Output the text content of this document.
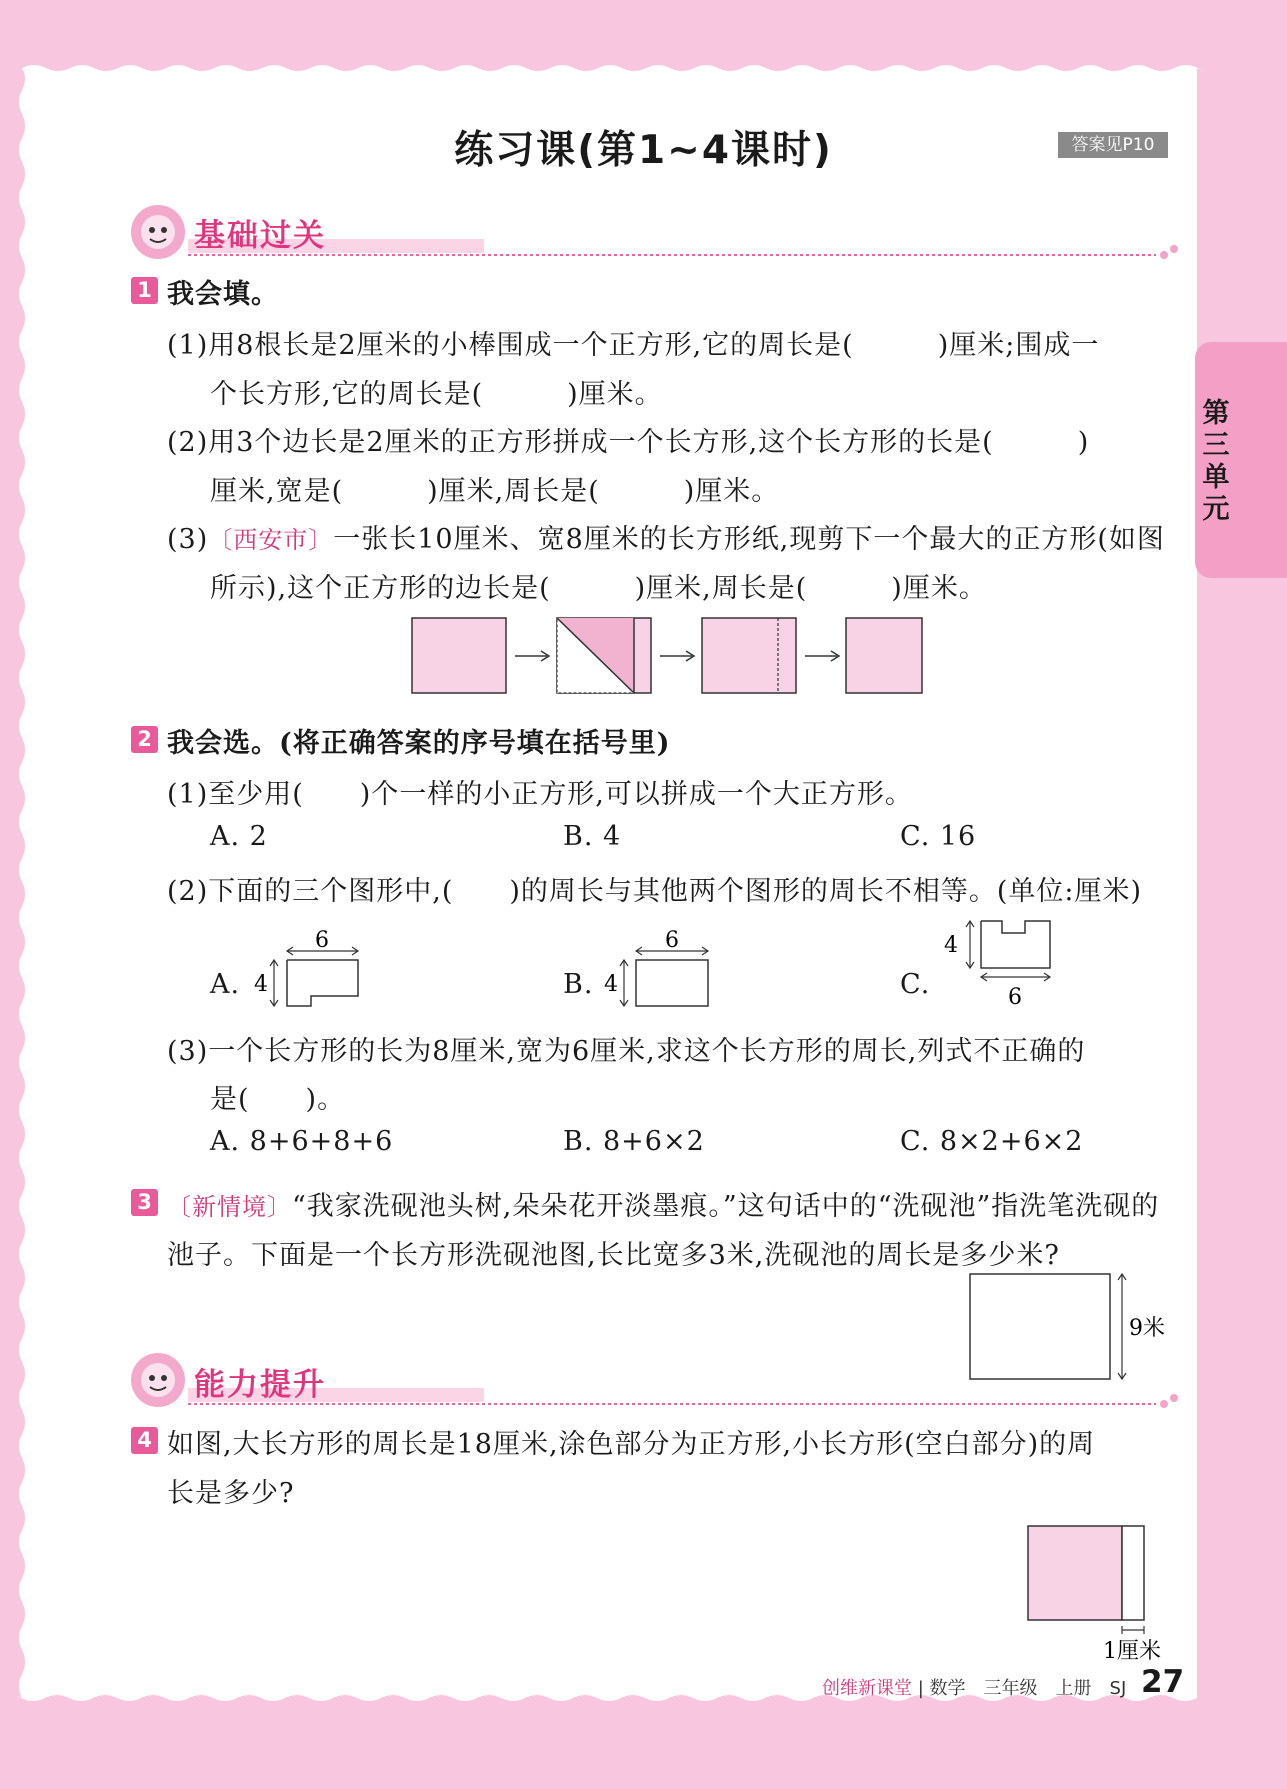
练习课(第1~4课时)	答案见P10
第三单元
基础过关
1 我会填。
(1)用8根长是2厘米的小棒围成一个正方形,它的周长是(　　　)厘米;围成一
个长方形,它的周长是(　　　)厘米。
(2)用3个边长是2厘米的正方形拼成一个长方形,这个长方形的长是(　　　)
厘米,宽是(　　　)厘米,周长是(　　　)厘米。
(3)〔西安市〕一张长10厘米、宽8厘米的长方形纸,现剪下一个最大的正方形(如图
所示),这个正方形的边长是(　　　)厘米,周长是(　　　)厘米。
2 我会选。(将正确答案的序号填在括号里)
(1)至少用(　　)个一样的小正方形,可以拼成一个大正方形。
A. 2	B. 4	C. 16
(2)下面的三个图形中,(　　)的周长与其他两个图形的周长不相等。(单位:厘米)
A.	B.	C.
6
4
6
4
4
6
(3)一个长方形的长为8厘米,宽为6厘米,求这个长方形的周长,列式不正确的
是(　　)。
A. 8+6+8+6	B. 8+6×2	C. 8×2+6×2
3 〔新情境〕“我家洗砚池头树,朵朵花开淡墨痕。”这句话中的“洗砚池”指洗笔洗砚的
池子。下面是一个长方形洗砚池图,长比宽多3米,洗砚池的周长是多少米?
9米
能力提升
4 如图,大长方形的周长是18厘米,涂色部分为正方形,小长方形(空白部分)的周
长是多少?
1厘米
创维新课堂 | 数学　三年级　上册　SJ 27
